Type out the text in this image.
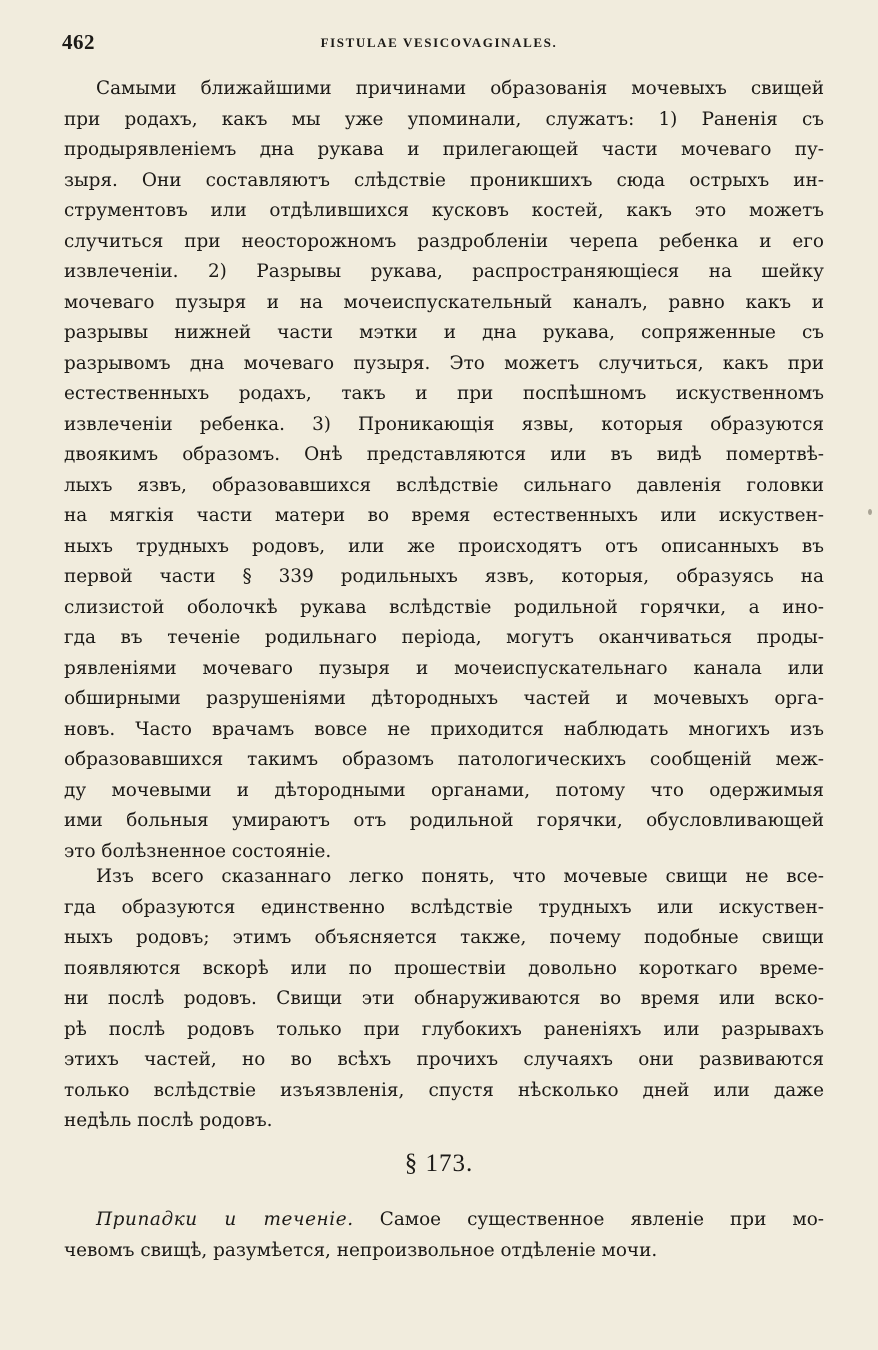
462	FISTULAE VESICOVAGINALES.
Самыми ближайшими причинами образованія мочевыхъ свищей
при родахъ, какъ мы уже упоминали, служатъ: 1) Раненія съ
продырявленіемъ дна рукава и прилегающей части мочеваго пу-
зыря. Они составляютъ слѣдствіе проникшихъ сюда острыхъ ин-
струментовъ или отдѣлившихся кусковъ костей, какъ это можетъ
случиться при неосторожномъ раздробленіи черепа ребенка и его
извлеченіи. 2) Разрывы рукава, распространяющіеся на шейку
мочеваго пузыря и на мочеиспускательный каналъ, равно какъ и
разрывы нижней части мэтки и дна рукава, сопряженные съ
разрывомъ дна мочеваго пузыря. Это можетъ случиться, какъ при
естественныхъ родахъ, такъ и при поспѣшномъ искуственномъ
извлеченіи ребенка. 3) Проникающія язвы, которыя образуются
двоякимъ образомъ. Онѣ представляются или въ видѣ помертвѣ-
лыхъ язвъ, образовавшихся вслѣдствіе сильнаго давленія головки
на мягкія части матери во время естественныхъ или искуствен-
ныхъ трудныхъ родовъ, или же происходятъ отъ описанныхъ въ
первой части § 339 родильныхъ язвъ, которыя, образуясь на
слизистой оболочкѣ рукава вслѣдствіе родильной горячки, а ино-
гда въ теченіе родильнаго періода, могутъ оканчиваться проды-
рявленіями мочеваго пузыря и мочеиспускательнаго канала или
обширными разрушеніями дѣтородныхъ частей и мочевыхъ орга-
новъ. Часто врачамъ вовсе не приходится наблюдать многихъ изъ
образовавшихся такимъ образомъ патологическихъ сообщеній меж-
ду мочевыми и дѣтородными органами, потому что одержимыя
ими больныя умираютъ отъ родильной горячки, обусловливающей
это болѣзненное состояніе.
Изъ всего сказаннаго легко понять, что мочевые свищи не все-
гда образуются единственно вслѣдствіе трудныхъ или искуствен-
ныхъ родовъ; этимъ объясняется также, почему подобные свищи
появляются вскорѣ или по прошествіи довольно короткаго време-
ни послѣ родовъ. Свищи эти обнаруживаются во время или вско-
рѣ послѣ родовъ только при глубокихъ раненіяхъ или разрывахъ
этихъ частей, но во всѣхъ прочихъ случаяхъ они развиваются
только вслѣдствіе изъязвленія, спустя нѣсколько дней или даже
недѣль послѣ родовъ.
§ 173.
Припадки и теченіе. Самое существенное явленіе при мо-
чевомъ свищѣ, разумѣется, непроизвольное отдѣленіе мочи.
